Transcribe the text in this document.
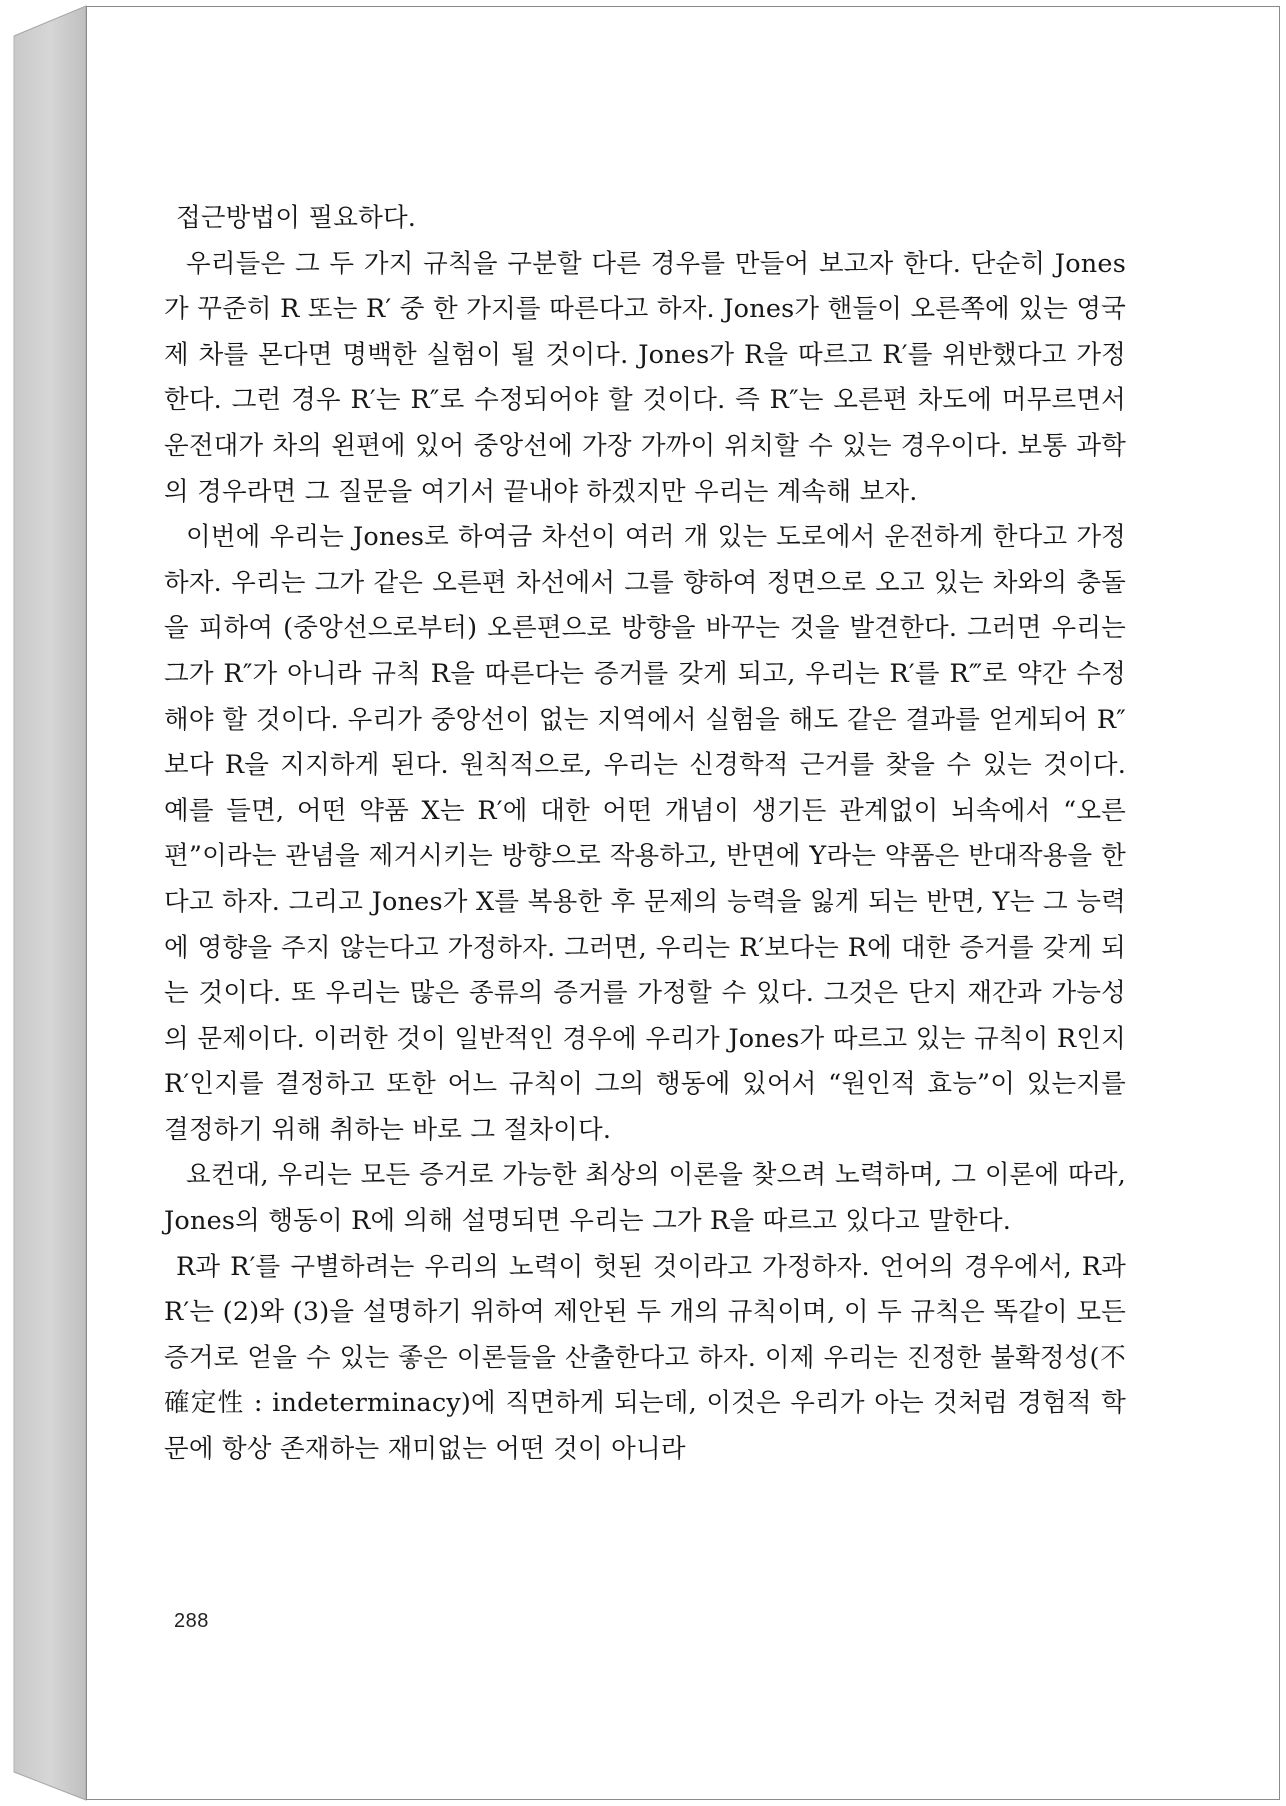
접근방법이 필요하다.

우리들은 그 두 가지 규칙을 구분할 다른 경우를 만들어 보고자 한다. 단순히 Jones가 꾸준히 R 또는 R′ 중 한 가지를 따른다고 하자. Jones가 핸들이 오른쪽에 있는 영국제 차를 몬다면 명백한 실험이 될 것이다. Jones가 R을 따르고 R′를 위반했다고 가정한다. 그런 경우 R′는 R″로 수정되어야 할 것이다. 즉 R″는 오른편 차도에 머무르면서 운전대가 차의 왼편에 있어 중앙선에 가장 가까이 위치할 수 있는 경우이다. 보통 과학의 경우라면 그 질문을 여기서 끝내야 하겠지만 우리는 계속해 보자.

이번에 우리는 Jones로 하여금 차선이 여러 개 있는 도로에서 운전하게 한다고 가정하자. 우리는 그가 같은 오른편 차선에서 그를 향하여 정면으로 오고 있는 차와의 충돌을 피하여 (중앙선으로부터) 오른편으로 방향을 바꾸는 것을 발견한다. 그러면 우리는 그가 R″가 아니라 규칙 R을 따른다는 증거를 갖게 되고, 우리는 R′를 R‴로 약간 수정해야 할 것이다. 우리가 중앙선이 없는 지역에서 실험을 해도 같은 결과를 얻게되어 R″보다 R을 지지하게 된다. 원칙적으로, 우리는 신경학적 근거를 찾을 수 있는 것이다. 예를 들면, 어떤 약품 X는 R′에 대한 어떤 개념이 생기든 관계없이 뇌속에서 “오른편”이라는 관념을 제거시키는 방향으로 작용하고, 반면에 Y라는 약품은 반대작용을 한다고 하자. 그리고 Jones가 X를 복용한 후 문제의 능력을 잃게 되는 반면, Y는 그 능력에 영향을 주지 않는다고 가정하자. 그러면, 우리는 R′보다는 R에 대한 증거를 갖게 되는 것이다. 또 우리는 많은 종류의 증거를 가정할 수 있다. 그것은 단지 재간과 가능성의 문제이다. 이러한 것이 일반적인 경우에 우리가 Jones가 따르고 있는 규칙이 R인지 R′인지를 결정하고 또한 어느 규칙이 그의 행동에 있어서 “원인적 효능”이 있는지를 결정하기 위해 취하는 바로 그 절차이다.

요컨대, 우리는 모든 증거로 가능한 최상의 이론을 찾으려 노력하며, 그 이론에 따라, Jones의 행동이 R에 의해 설명되면 우리는 그가 R을 따르고 있다고 말한다.

R과 R′를 구별하려는 우리의 노력이 헛된 것이라고 가정하자. 언어의 경우에서, R과 R′는 (2)와 (3)을 설명하기 위하여 제안된 두 개의 규칙이며, 이 두 규칙은 똑같이 모든 증거로 얻을 수 있는 좋은 이론들을 산출한다고 하자. 이제 우리는 진정한 불확정성(不確定性 : indeterminacy)에 직면하게 되는데, 이것은 우리가 아는 것처럼 경험적 학문에 항상 존재하는 재미없는 어떤 것이 아니라

288
